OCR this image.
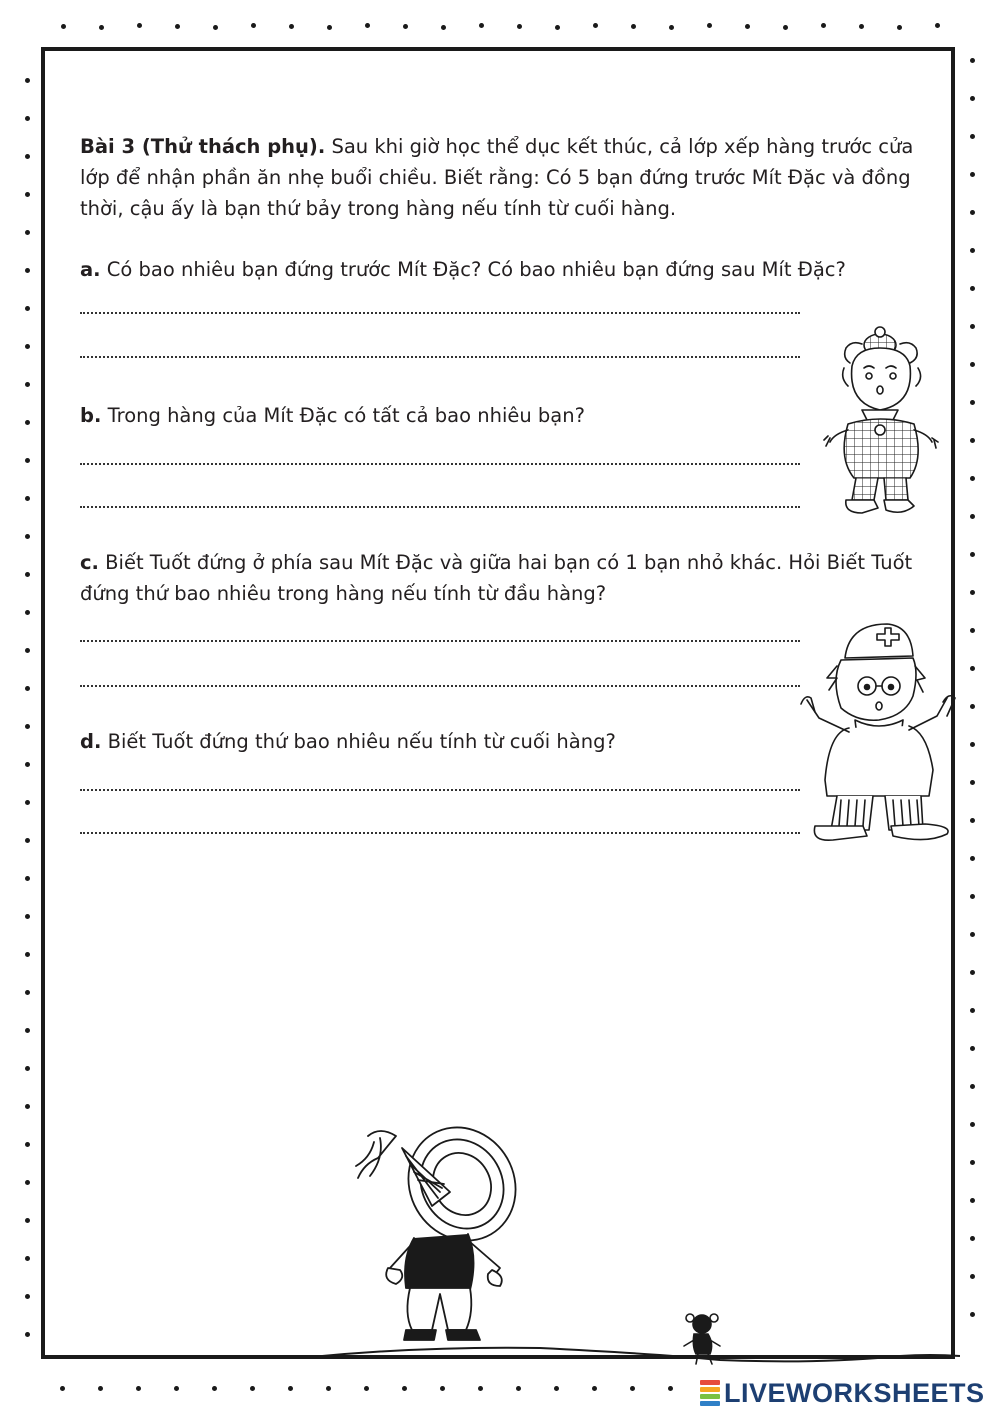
Bài 3 (Thử thách phụ). Sau khi giờ học thể dục kết thúc, cả lớp xếp hàng trước cửa lớp để nhận phần ăn nhẹ buổi chiều. Biết rằng: Có 5 bạn đứng trước Mít Đặc và đồng thời, cậu ấy là bạn thứ bảy trong hàng nếu tính từ cuối hàng.

a. Có bao nhiêu bạn đứng trước Mít Đặc? Có bao nhiêu bạn đứng sau Mít Đặc?

b. Trong hàng của Mít Đặc có tất cả bao nhiêu bạn?

c. Biết Tuốt đứng ở phía sau Mít Đặc và giữa hai bạn có 1 bạn nhỏ khác. Hỏi Biết Tuốt đứng thứ bao nhiêu trong hàng nếu tính từ đầu hàng?

d. Biết Tuốt đứng thứ bao nhiêu nếu tính từ cuối hàng?

LIVEWORKSHEETS
